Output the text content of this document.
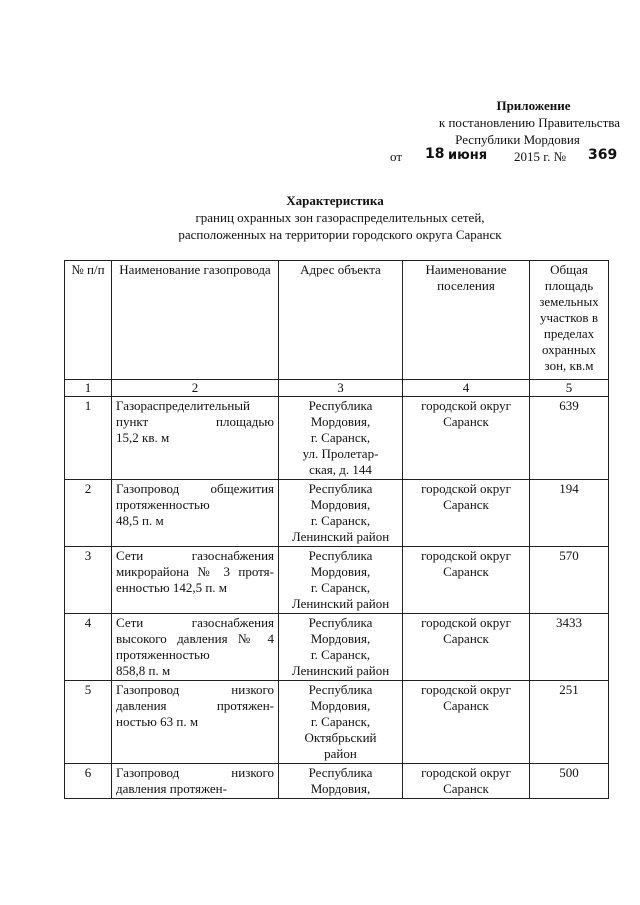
Приложение
к постановлению Правительства
Республики Мордовия
от 18 июня 2015 г. № 369
Характеристика
границ охранных зон газораспределительных сетей,
расположенных на территории городского округа Саранск
№ п/п	Наименование газопровода	Адрес объекта	Наименование поселения	Общая площадь земельных участков в пределах охранных зон, кв.м
1	2	3	4	5
1	Газораспределительный
пункт площадью
15,2 кв. м	Республика
Мордовия,
г. Саранск,
ул. Пролетар-
ская, д. 144	городской округ
Саранск	639
2	Газопровод общежития
протяженностью
48,5 п. м	Республика
Мордовия,
г. Саранск,
Ленинский район	городской округ
Саранск	194
3	Сети газоснабжения
микрорайона № 3 протя-
енностью 142,5 п. м	Республика
Мордовия,
г. Саранск,
Ленинский район	городской округ
Саранск	570
4	Сети газоснабжения
высокого давления № 4
протяженностью
858,8 п. м	Республика
Мордовия,
г. Саранск,
Ленинский район	городской округ
Саранск	3433
5	Газопровод низкого
давления протяжен-
ностью 63 п. м	Республика
Мордовия,
г. Саранск,
Октябрьский
район	городской округ
Саранск	251
6	Газопровод низкого
давления протяжен-	Республика
Мордовия,	городской округ
Саранск	500
